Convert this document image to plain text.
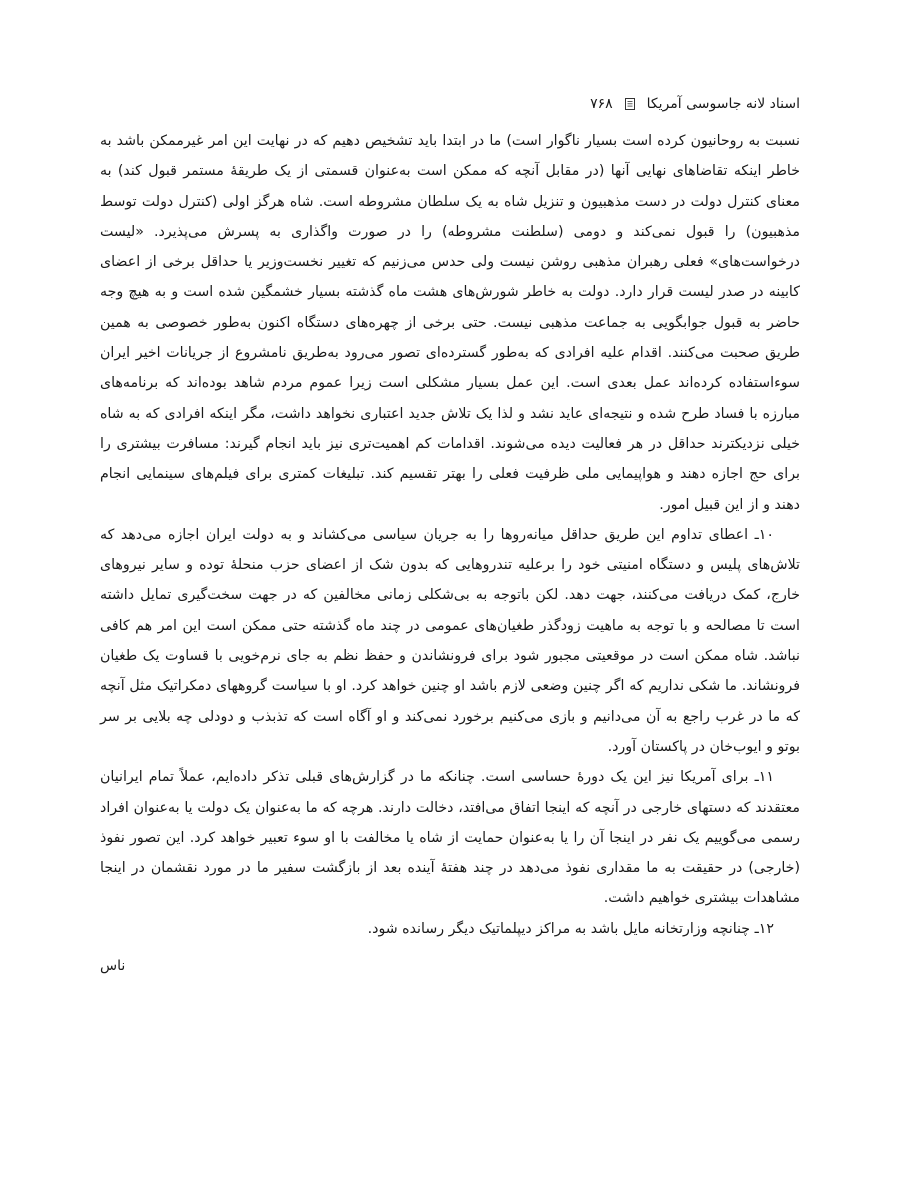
اسناد لانه جاسوسی آمریکا
۷۶۸

نسبت به روحانیون کرده است بسیار ناگوار است) ما در ابتدا باید تشخیص دهیم که در نهایت این امر غیرممکن باشد به خاطر اینکه تقاضاهای نهایی آنها (در مقابل آنچه که ممکن است به‌عنوان قسمتی از یک طریقهٔ مستمر قبول کند) به معنای کنترل دولت در دست مذهبیون و تنزیل شاه به یک سلطان مشروطه است. شاه هرگز اولی (کنترل دولت توسط مذهبیون) را قبول نمی‌کند و دومی (سلطنت مشروطه) را در صورت واگذاری به پسرش می‌پذیرد. «لیست درخواست‌های» فعلی رهبران مذهبی روشن نیست ولی حدس می‌زنیم که تغییر نخست‌وزیر یا حداقل برخی از اعضای کابینه در صدر لیست قرار دارد. دولت به خاطر شورش‌های هشت ماه گذشته بسیار خشمگین شده است و به هیچ وجه حاضر به قبول جوابگویی به جماعت مذهبی نیست. حتی برخی از چهره‌های دستگاه اکنون به‌طور خصوصی به همین طریق صحبت می‌کنند. اقدام علیه افرادی که به‌طور گسترده‌ای تصور می‌رود به‌طریق نامشروع از جریانات اخیر ایران سوءاستفاده کرده‌اند عمل بعدی است. این عمل بسیار مشکلی است زیرا عموم مردم شاهد بوده‌اند که برنامه‌های مبارزه با فساد طرح شده و نتیجه‌ای عاید نشد و لذا یک تلاش جدید اعتباری نخواهد داشت، مگر اینکه افرادی که به شاه خیلی نزدیکترند حداقل در هر فعالیت دیده می‌شوند. اقدامات کم اهمیت‌تری نیز باید انجام گیرند: مسافرت بیشتری را برای حج اجازه دهند و هواپیمایی ملی ظرفیت فعلی را بهتر تقسیم کند. تبلیغات کمتری برای فیلم‌های سینمایی انجام دهند و از این قبیل امور.

۱۰ـ اعطای تداوم این طریق حداقل میانه‌روها را به جریان سیاسی می‌کشاند و به دولت ایران اجازه می‌دهد که تلاش‌های پلیس و دستگاه امنیتی خود را برعلیه تندروهایی که بدون شک از اعضای حزب منحلهٔ توده و سایر نیروهای خارج، کمک دریافت می‌کنند، جهت دهد. لکن باتوجه به بی‌شکلی زمانی مخالفین که در جهت سخت‌گیری تمایل داشته است تا مصالحه و با توجه به ماهیت زودگذر طغیان‌های عمومی در چند ماه گذشته حتی ممکن است این امر هم کافی نباشد. شاه ممکن است در موقعیتی مجبور شود برای فرونشاندن و حفظ نظم به جای نرم‌خویی با قساوت یک طغیان فرونشاند. ما شکی نداریم که اگر چنین وضعی لازم باشد او چنین خواهد کرد. او با سیاست گروههای دمکراتیک مثل آنچه که ما در غرب راجع به آن می‌دانیم و بازی می‌کنیم برخورد نمی‌کند و او آگاه است که تذبذب و دودلی چه بلایی بر سر بوتو و ایوب‌خان در پاکستان آورد.

۱۱ـ برای آمریکا نیز این یک دورهٔ حساسی است. چنانکه ما در گزارش‌های قبلی تذکر داده‌ایم، عملاً تمام ایرانیان معتقدند که دستهای خارجی در آنچه که اینجا اتفاق می‌افتد، دخالت دارند. هرچه که ما به‌عنوان یک دولت یا به‌عنوان افراد رسمی می‌گوییم یک نفر در اینجا آن را یا به‌عنوان حمایت از شاه یا مخالفت با او سوء تعبیر خواهد کرد. این تصور نفوذ (خارجی) در حقیقت به ما مقداری نفوذ می‌دهد در چند هفتهٔ آینده بعد از بازگشت سفیر ما در مورد نقشمان در اینجا مشاهدات بیشتری خواهیم داشت.

۱۲ـ چنانچه وزارتخانه مایل باشد به مراکز دیپلماتیک دیگر رسانده شود.

ناس
